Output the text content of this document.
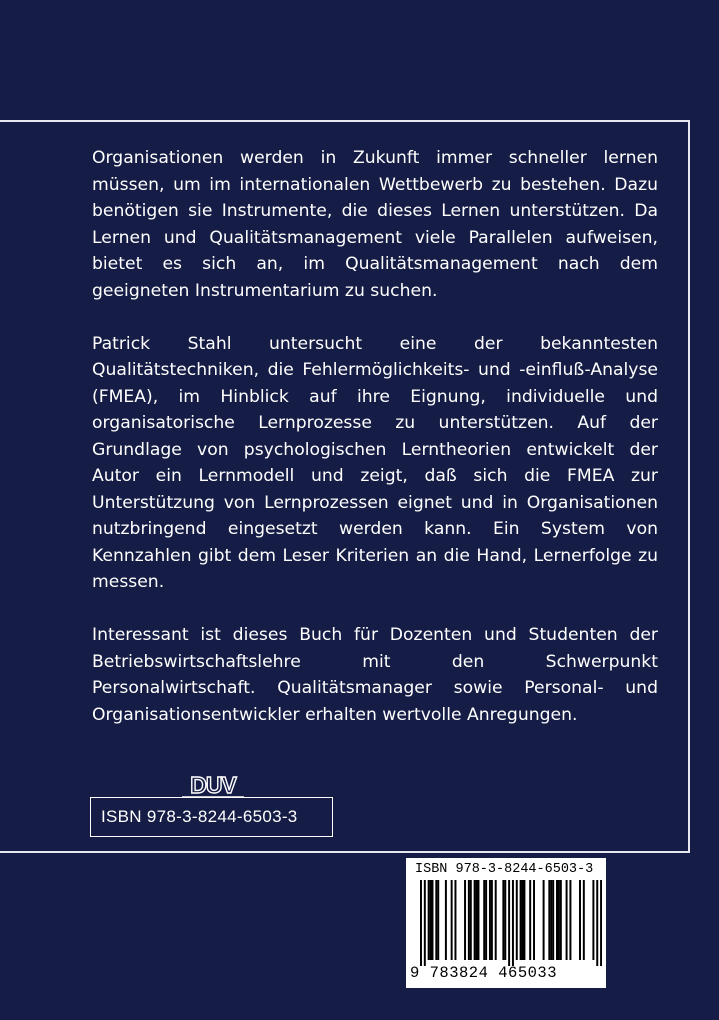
Organisationen werden in Zukunft immer schneller lernen müssen, um im internationalen Wettbewerb zu bestehen. Dazu benötigen sie Instrumente, die dieses Lernen unterstützen. Da Lernen und Qualitätsmanagement viele Parallelen aufweisen, bietet es sich an, im Qualitätsmanagement nach dem geeigneten Instrumentarium zu suchen.

Patrick Stahl untersucht eine der bekanntesten Qualitätstechniken, die Fehlermöglichkeits- und -einfluß-Analyse (FMEA), im Hinblick auf ihre Eignung, individuelle und organisatorische Lernprozesse zu unterstützen. Auf der Grundlage von psychologischen Lerntheorien entwickelt der Autor ein Lernmodell und zeigt, daß sich die FMEA zur Unterstützung von Lernprozessen eignet und in Organisationen nutzbringend eingesetzt werden kann. Ein System von Kennzahlen gibt dem Leser Kriterien an die Hand, Lernerfolge zu messen.

Interessant ist dieses Buch für Dozenten und Studenten der Betriebswirtschaftslehre mit den Schwerpunkt Personalwirtschaft. Qualitätsmanager sowie Personal- und Organisationsentwickler erhalten wertvolle Anregungen.

DUV
ISBN 978-3-8244-6503-3
ISBN 978-3-8244-6503-3
9 783824 465033
